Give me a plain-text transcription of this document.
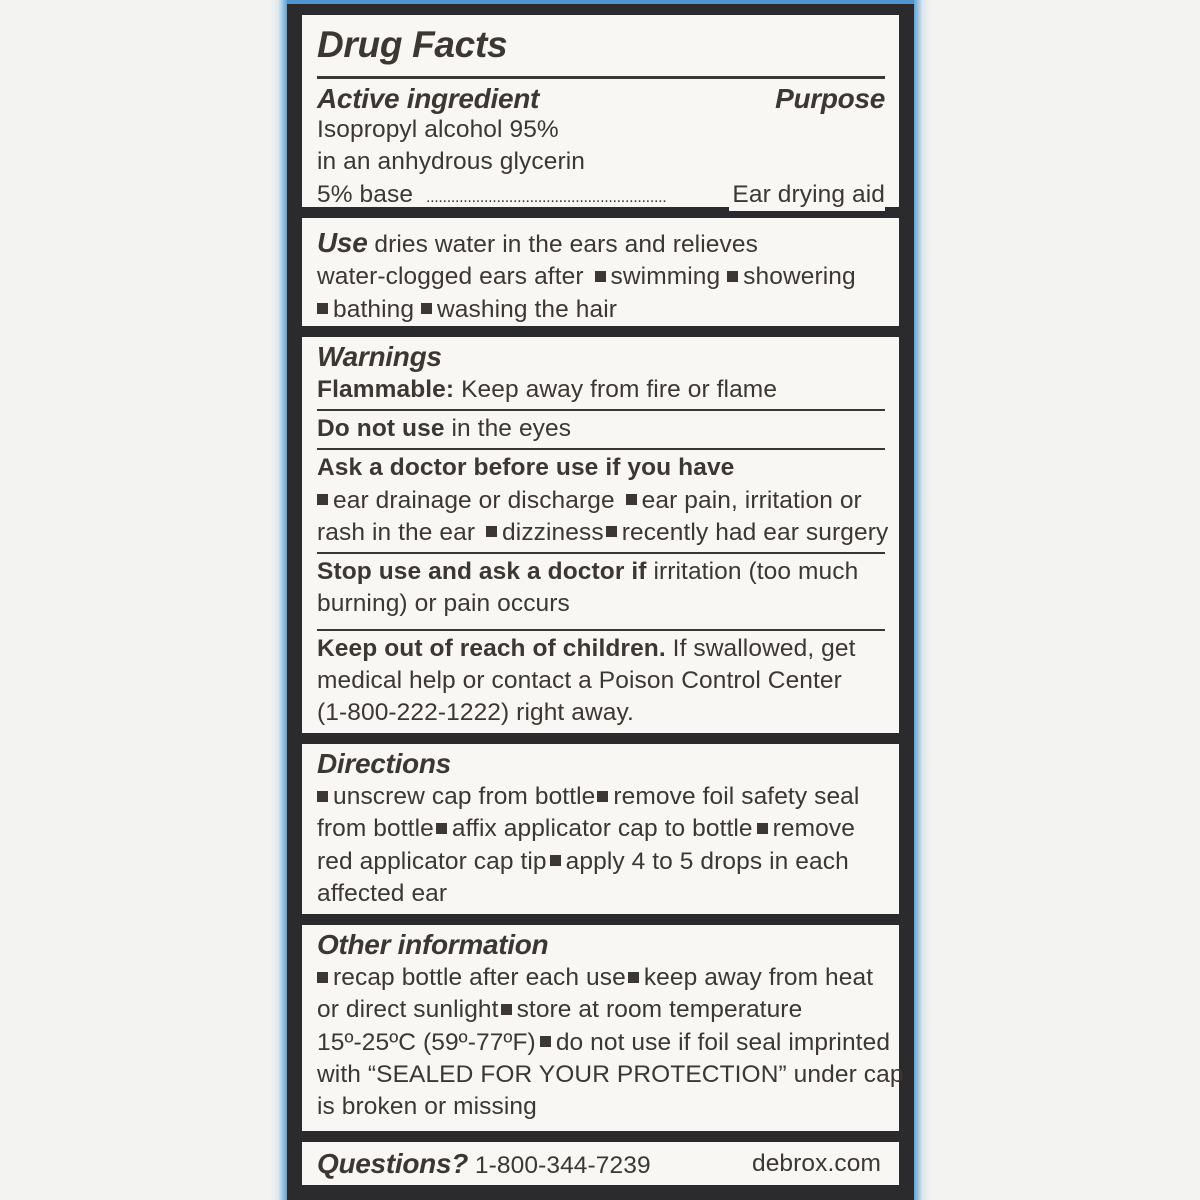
Drug Facts
Active ingredient	Purpose
Isopropyl alcohol 95%
in an anhydrous glycerin
5% base ..........................................................	Ear drying aid
Use dries water in the ears and relieves
water-clogged ears after swimming showering
bathing washing the hair
Warnings
Flammable: Keep away from fire or flame
Do not use in the eyes
Ask a doctor before use if you have
ear drainage or discharge ear pain, irritation or
rash in the ear dizziness recently had ear surgery
Stop use and ask a doctor if irritation (too much
burning) or pain occurs
Keep out of reach of children. If swallowed, get
medical help or contact a Poison Control Center
(1-800-222-1222) right away.
Directions
unscrew cap from bottle remove foil safety seal
from bottle affix applicator cap to bottle remove
red applicator cap tip apply 4 to 5 drops in each
affected ear
Other information
recap bottle after each use keep away from heat
or direct sunlight store at room temperature
15º-25ºC (59º-77ºF) do not use if foil seal imprinted
with “SEALED FOR YOUR PROTECTION” under cap
is broken or missing
Questions? 1-800-344-7239	debrox.com
